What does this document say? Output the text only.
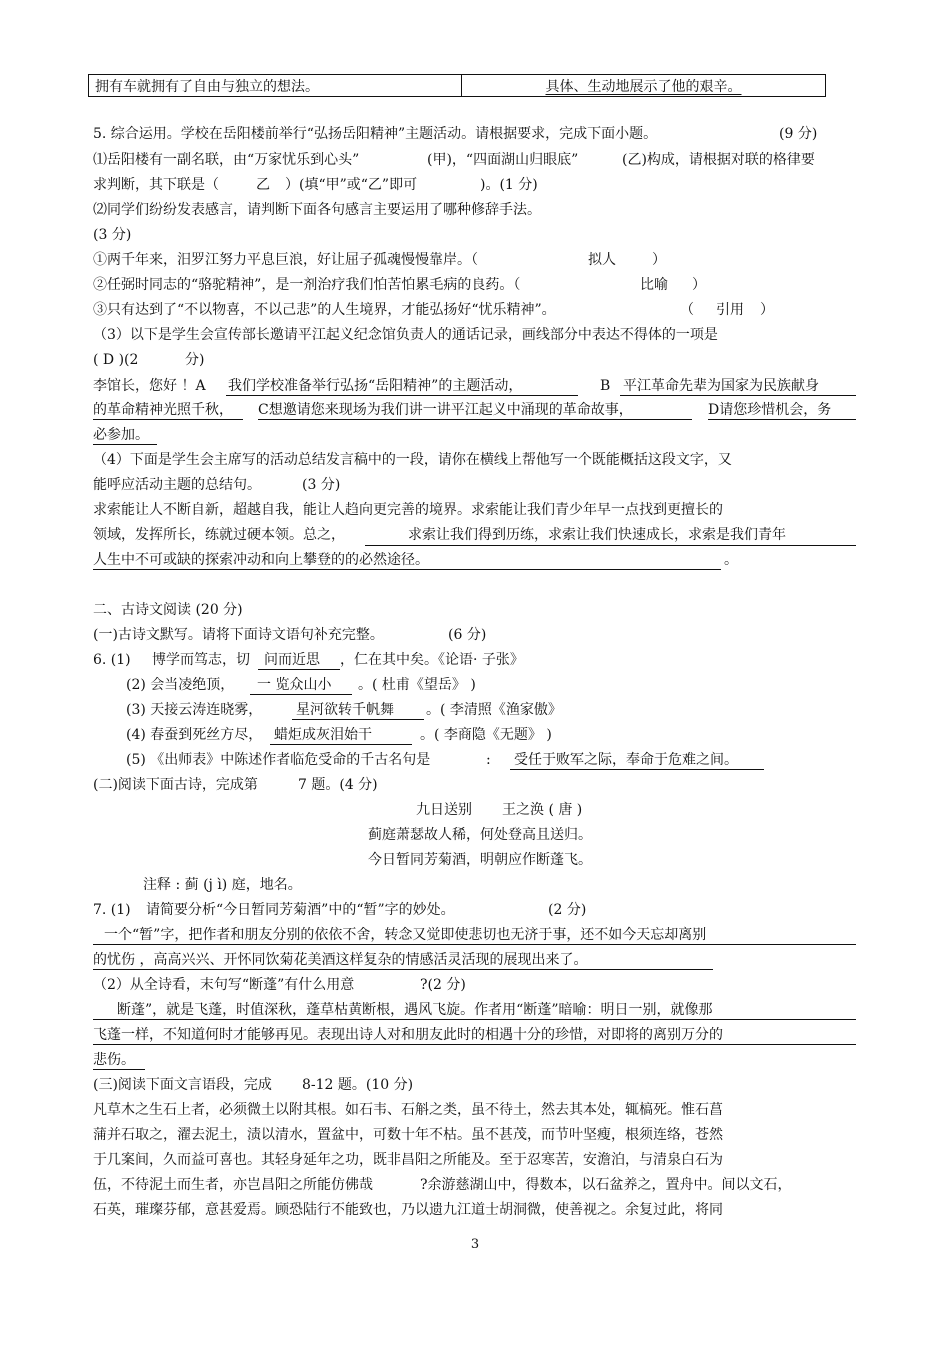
拥有车就拥有了自由与独立的想法。	具体、生动地展示了他的艰辛。
5. 综合运用。学校在岳阳楼前举行“弘扬岳阳精神”主题活动。请根据要求，完成下面小题。	(9 分)
⑴岳阳楼有一副名联，由“万家忧乐到心头”	(甲)，“四面湖山归眼底”	(乙)构成，请根据对联的格律要
求判断，其下联是（	乙 ）(填“甲”或“乙”即可	)。(1 分)
⑵同学们纷纷发表感言，请判断下面各句感言主要运用了哪种修辞手法。
(3 分)
①两千年来，汨罗江努力平息巨浪，好让屈子孤魂慢慢靠岸。（	拟人	）
②任弼时同志的“骆驼精神”，是一剂治疗我们怕苦怕累毛病的良药。（	比喻 ）
③只有达到了“不以物喜，不以己悲”的人生境界，才能弘扬好“忧乐精神”。	（ 引用 ）
（3）以下是学生会宣传部长邀请平江起义纪念馆负责人的通话记录，画线部分中表达不得体的一项是
( D )(2	分)
李馆长，您好 ！A 我们学校准备举行弘扬“岳阳精神”的主题活动，	B 平江革命先辈为国家为民族献身
的革命精神光照千秋， C想邀请您来现场为我们讲一讲平江起义中涌现的革命故事，	D请您珍惜机会，务
必参加。
（4）下面是学生会主席写的活动总结发言稿中的一段，请你在横线上帮他写一个既能概括这段文字，又
能呼应活动主题的总结句。	(3 分)
求索能让人不断自新，超越自我，能让人趋向更完善的境界。求索能让我们青少年早一点找到更擅长的
领域，发挥所长，练就过硬本领。总之，	求索让我们得到历练，求索让我们快速成长，求索是我们青年
人生中不可或缺的探索冲动和向上攀登的的必然途径。	。
二、古诗文阅读 (20 分)
(一)古诗文默写。请将下面诗文语句补充完整。	(6 分)
6. (1) 博学而笃志，切 问而近思 ，仁在其中矣。《论语· 子张》
(2) 会当凌绝顶， 一 览众山小 。( 杜甫《望岳》 )
(3) 天接云涛连晓雾， 星河欲转千帆舞 。( 李清照《渔家傲》
(4) 春蚕到死丝方尽， 蜡炬成灰泪始干	。( 李商隐《无题》 )
(5) 《出师表》中陈述作者临危受命的千古名句是	: 受任于败军之际，奉命于危难之间。
(二)阅读下面古诗，完成第	7 题。(4 分)
九日送别 王之涣 ( 唐 )
蓟庭萧瑟故人稀，何处登高且送归。
今日暂同芳菊酒，明朝应作断蓬飞。
注释 : 蓟 (j ì) 庭，地名。
7. (1) 请简要分析“今日暂同芳菊酒”中的“暂”字的妙处。	(2 分)
一个“暂”字，把作者和朋友分别的依依不舍，转念又觉即使悲切也无济于事，还不如今天忘却离别
的忧伤 ，高高兴兴、开怀同饮菊花美酒这样复杂的情感活灵活现的展现出来了。
（2）从全诗看，末句写“断蓬”有什么用意	?(2 分)
断蓬”，就是飞蓬，时值深秋，蓬草枯黄断根，遇风飞旋。作者用“断蓬”暗喻：明日一别，就像那
飞蓬一样，不知道何时才能够再见。表现出诗人对和朋友此时的相遇十分的珍惜，对即将的离别万分的
悲伤。
(三)阅读下面文言语段，完成 8-12 题。(10 分)
凡草木之生石上者，必须微土以附其根。如石韦、石斛之类，虽不待土，然去其本处，辄槁死。惟石菖
蒲并石取之，濯去泥土，渍以清水，置盆中，可数十年不枯。虽不甚茂，而节叶坚瘦，根须连络，苍然
于几案间，久而益可喜也。其轻身延年之功，既非昌阳之所能及。至于忍寒苦，安澹泊，与清泉白石为
伍，不待泥土而生者，亦岂昌阳之所能仿佛哉	?余游慈湖山中，得数本，以石盆养之，置舟中。间以文石，
石英，璀璨芬郁，意甚爱焉。顾恐陆行不能致也，乃以遗九江道士胡洞微，使善视之。余复过此，将同
3
